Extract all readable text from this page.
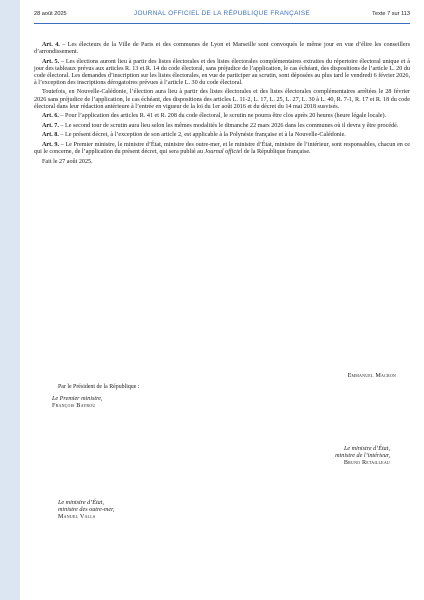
28 août 2025	JOURNAL OFFICIEL DE LA RÉPUBLIQUE FRANÇAISE	Texte 7 sur 113

Art. 4. – Les électeurs de la Ville de Paris et des communes de Lyon et Marseille sont convoqués le même jour en vue d’élire les conseillers d’arrondissement.

Art. 5. – Les élections auront lieu à partir des listes électorales et des listes électorales complémentaires extraites du répertoire électoral unique et à jour des tableaux prévus aux articles R. 13 et R. 14 du code électoral, sans préjudice de l’application, le cas échéant, des dispositions de l’article L. 20 du code électoral. Les demandes d’inscription sur les listes électorales, en vue de participer au scrutin, sont déposées au plus tard le vendredi 6 février 2026, à l’exception des inscriptions dérogatoires prévues à l’article L. 30 du code électoral.

Toutefois, en Nouvelle-Calédonie, l’élection aura lieu à partir des listes électorales et des listes électorales complémentaires arrêtées le 28 février 2026 sans préjudice de l’application, le cas échéant, des dispositions des articles L. 11-2, L. 17, L. 25, L. 27, L. 30 à L. 40, R. 7-1, R. 17 et R. 18 du code électoral dans leur rédaction antérieure à l’entrée en vigueur de la loi du 1er août 2016 et du décret du 14 mai 2018 susvisés.

Art. 6. – Pour l’application des articles R. 41 et R. 208 du code électoral, le scrutin ne pourra être clos après 20 heures (heure légale locale).

Art. 7. – Le second tour de scrutin aura lieu selon les mêmes modalités le dimanche 22 mars 2026 dans les communes où il devra y être procédé.

Art. 8. – Le présent décret, à l’exception de son article 2, est applicable à la Polynésie française et à la Nouvelle-Calédonie.

Art. 9. – Le Premier ministre, le ministre d’État, ministre des outre-mer, et le ministre d’État, ministre de l’intérieur, sont responsables, chacun en ce qui le concerne, de l’application du présent décret, qui sera publié au Journal officiel de la République française.

Fait le 27 août 2025.

Emmanuel Macron
Par le Président de la République :
Le Premier ministre,
François Bayrou
Le ministre d’État,
ministre de l’intérieur,
Bruno Retailleau
Le ministre d’État,
ministre des outre-mer,
Manuel Valls
